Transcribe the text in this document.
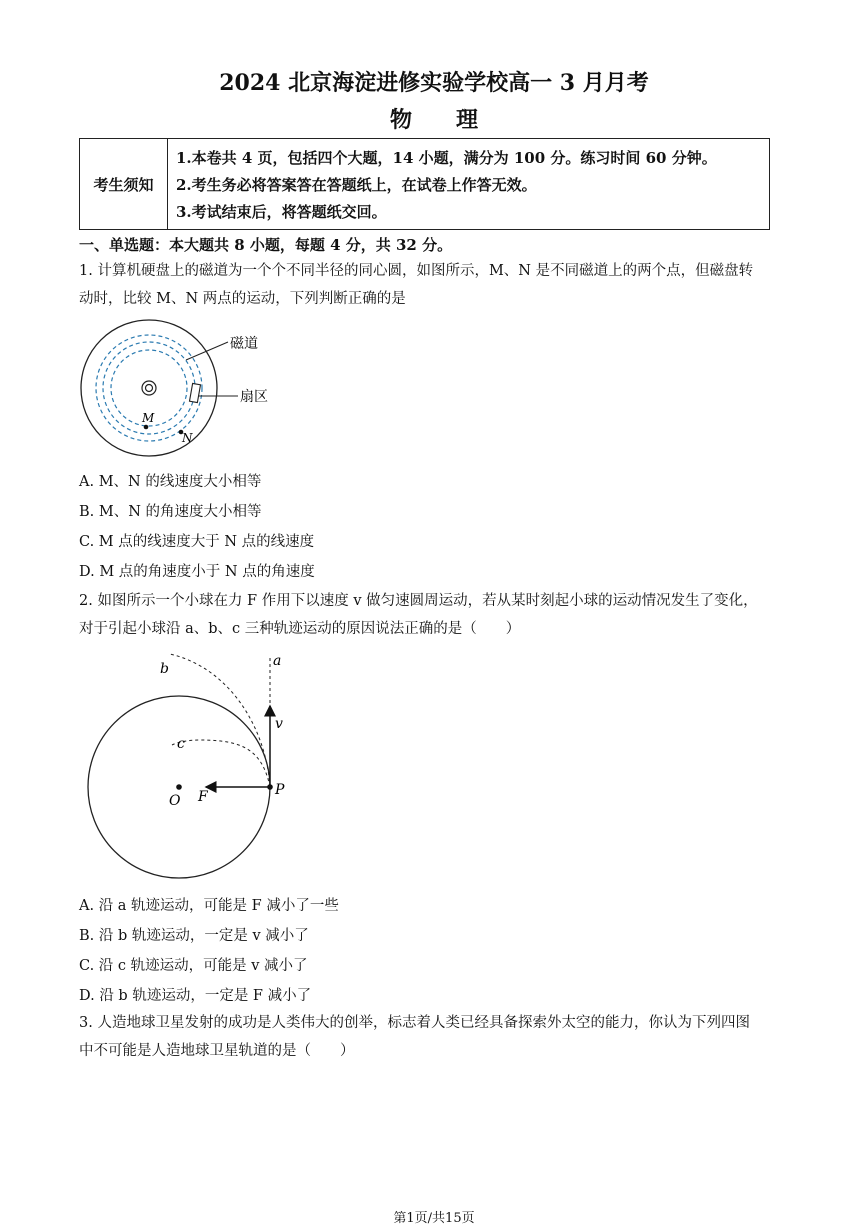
2024 北京海淀进修实验学校高一 3 月月考
物理
考生须知
1.本卷共 4 页，包括四个大题，14 小题，满分为 100 分。练习时间 60 分钟。
2.考生务必将答案答在答题纸上，在试卷上作答无效。
3.考试结束后，将答题纸交回。
一、单选题：本大题共 8 小题，每题 4 分，共 32 分。
1. 计算机硬盘上的磁道为一个个不同半径的同心圆，如图所示，M、N 是不同磁道上的两个点，但磁盘转
动时，比较 M、N 两点的运动，下列判断正确的是
磁道
扇区
M
N
A. M、N 的线速度大小相等
B. M、N 的角速度大小相等
C. M 点的线速度大于 N 点的线速度
D. M 点的角速度小于 N 点的角速度
2. 如图所示一个小球在力 F 作用下以速度 v 做匀速圆周运动，若从某时刻起小球的运动情况发生了变化，
对于引起小球沿 a、b、c 三种轨迹运动的原因说法正确的是（　　）
a
b
c
v
O F	P
A. 沿 a 轨迹运动，可能是 F 减小了一些
B. 沿 b 轨迹运动，一定是 v 减小了
C. 沿 c 轨迹运动，可能是 v 减小了
D. 沿 b 轨迹运动，一定是 F 减小了
3. 人造地球卫星发射的成功是人类伟大的创举，标志着人类已经具备探索外太空的能力，你认为下列四图
中不可能是人造地球卫星轨道的是（　　）
第1页/共15页
